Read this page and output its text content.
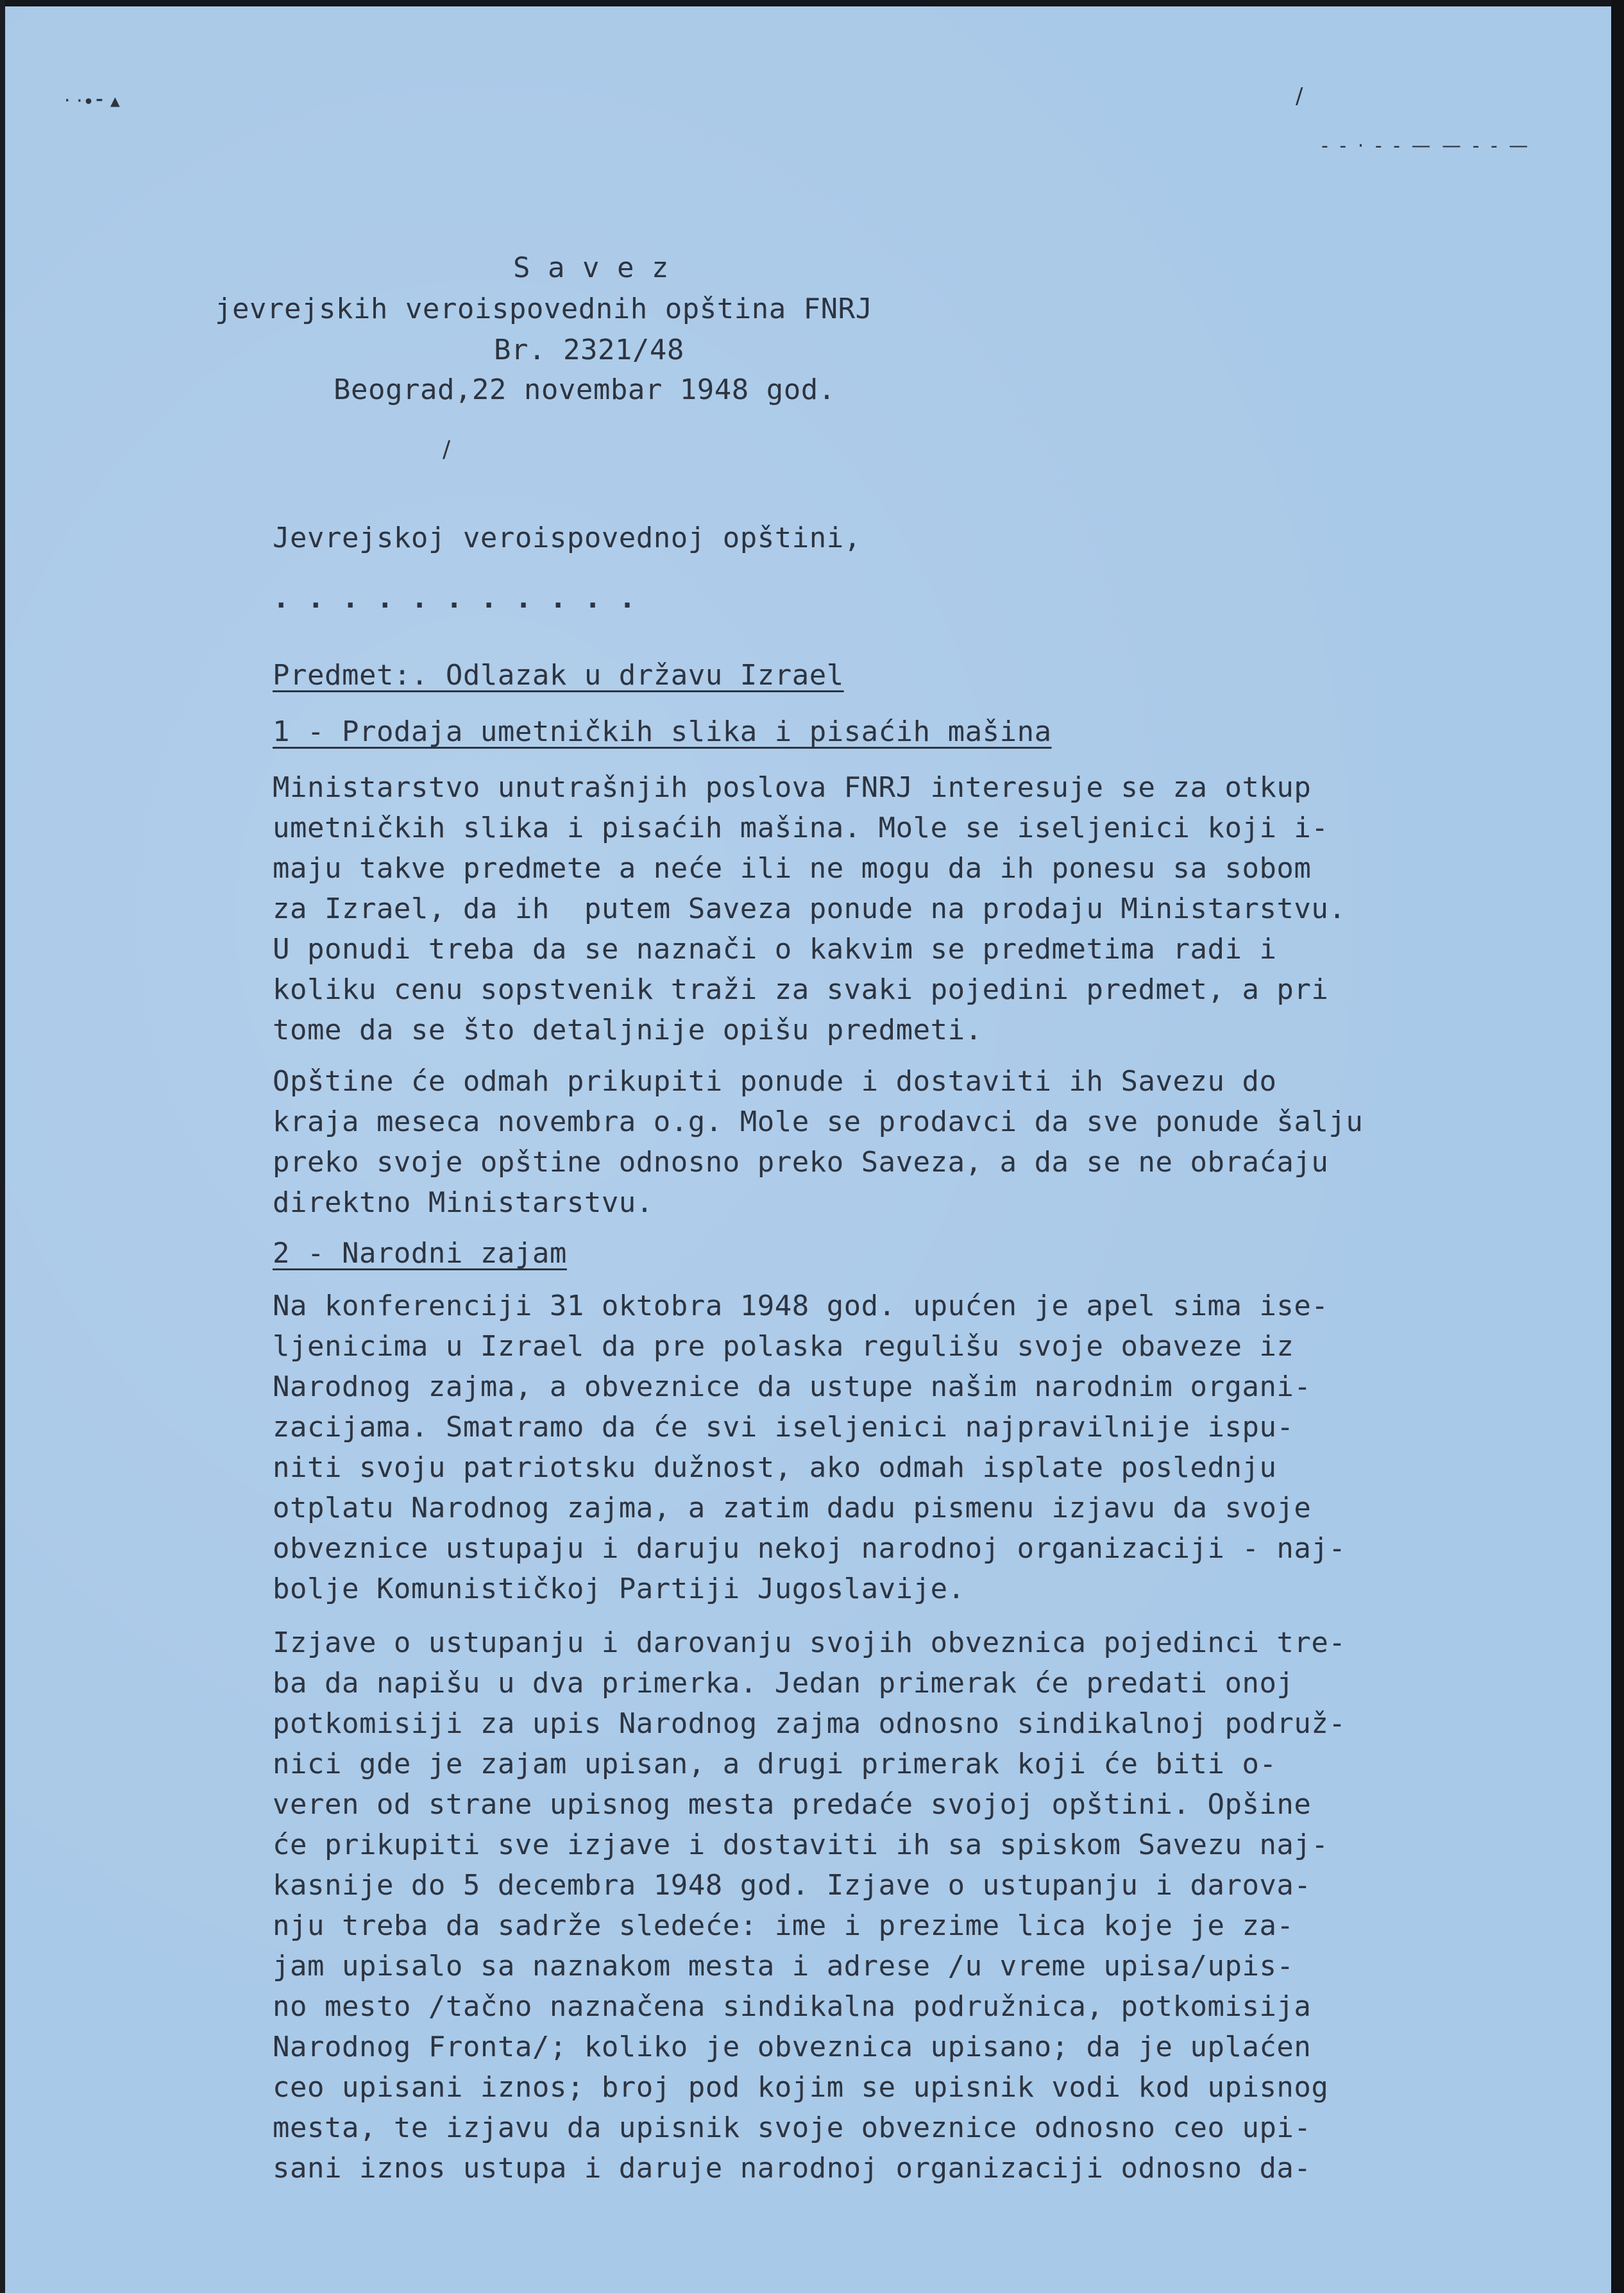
‧ ·∙⁃ ▴
- - · - - — — - - —
/
/
S a v e z
jevrejskih veroispovednih opština FNRJ
Br. 2321/48
Beograd,22 novembar 1948 god.
Jevrejskoj veroispovednoj opštini,
. . . . . . . . . . .
Predmet:. Odlazak u državu Izrael
1 - Prodaja umetničkih slika i pisaćih mašina
Ministarstvo unutrašnjih poslova FNRJ interesuje se za otkup
umetničkih slika i pisaćih mašina. Mole se iseljenici koji i-
maju takve predmete a neće ili ne mogu da ih ponesu sa sobom
za Izrael, da ih  putem Saveza ponude na prodaju Ministarstvu.
U ponudi treba da se naznači o kakvim se predmetima radi i
koliku cenu sopstvenik traži za svaki pojedini predmet, a pri
tome da se što detaljnije opišu predmeti.
Opštine će odmah prikupiti ponude i dostaviti ih Savezu do
kraja meseca novembra o.g. Mole se prodavci da sve ponude šalju
preko svoje opštine odnosno preko Saveza, a da se ne obraćaju
direktno Ministarstvu.
2 - Narodni zajam
Na konferenciji 31 oktobra 1948 god. upućen je apel sima ise-
ljenicima u Izrael da pre polaska regulišu svoje obaveze iz
Narodnog zajma, a obveznice da ustupe našim narodnim organi-
zacijama. Smatramo da će svi iseljenici najpravilnije ispu-
niti svoju patriotsku dužnost, ako odmah isplate poslednju
otplatu Narodnog zajma, a zatim dadu pismenu izjavu da svoje
obveznice ustupaju i daruju nekoj narodnoj organizaciji - naj-
bolje Komunističkoj Partiji Jugoslavije.
Izjave o ustupanju i darovanju svojih obveznica pojedinci tre-
ba da napišu u dva primerka. Jedan primerak će predati onoj
potkomisiji za upis Narodnog zajma odnosno sindikalnoj podruž-
nici gde je zajam upisan, a drugi primerak koji će biti o-
veren od strane upisnog mesta predaće svojoj opštini. Opšine
će prikupiti sve izjave i dostaviti ih sa spiskom Savezu naj-
kasnije do 5 decembra 1948 god. Izjave o ustupanju i darova-
nju treba da sadrže sledeće: ime i prezime lica koje je za-
jam upisalo sa naznakom mesta i adrese /u vreme upisa/upis-
no mesto /tačno naznačena sindikalna podružnica, potkomisija
Narodnog Fronta/; koliko je obveznica upisano; da je uplaćen
ceo upisani iznos; broj pod kojim se upisnik vodi kod upisnog
mesta, te izjavu da upisnik svoje obveznice odnosno ceo upi-
sani iznos ustupa i daruje narodnoj organizaciji odnosno da-
